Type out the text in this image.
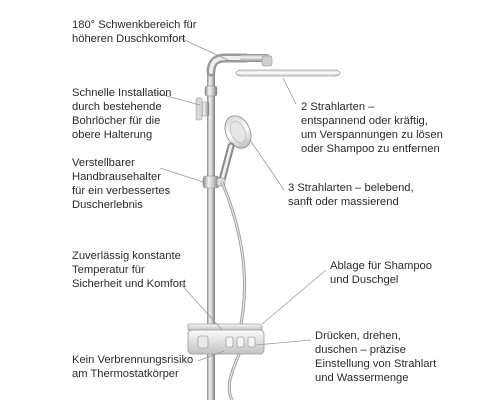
180° Schwenkbereich für
höheren Duschkomfort

Schnelle Installation
durch bestehende
Bohrlöcher für die
obere Halterung

Verstellbarer
Handbrausehalter
für ein verbessertes
Duscherlebnis

Zuverlässig konstante
Temperatur für
Sicherheit und Komfort

Kein Verbrennungsrisiko
am Thermostatkörper

2 Strahlarten –
entspannend oder kräftig,
um Verspannungen zu lösen
oder Shampoo zu entfernen

3 Strahlarten – belebend,
sanft oder massierend

Ablage für Shampoo
und Duschgel

Drücken, drehen,
duschen – präzise
Einstellung von Strahlart
und Wassermenge
